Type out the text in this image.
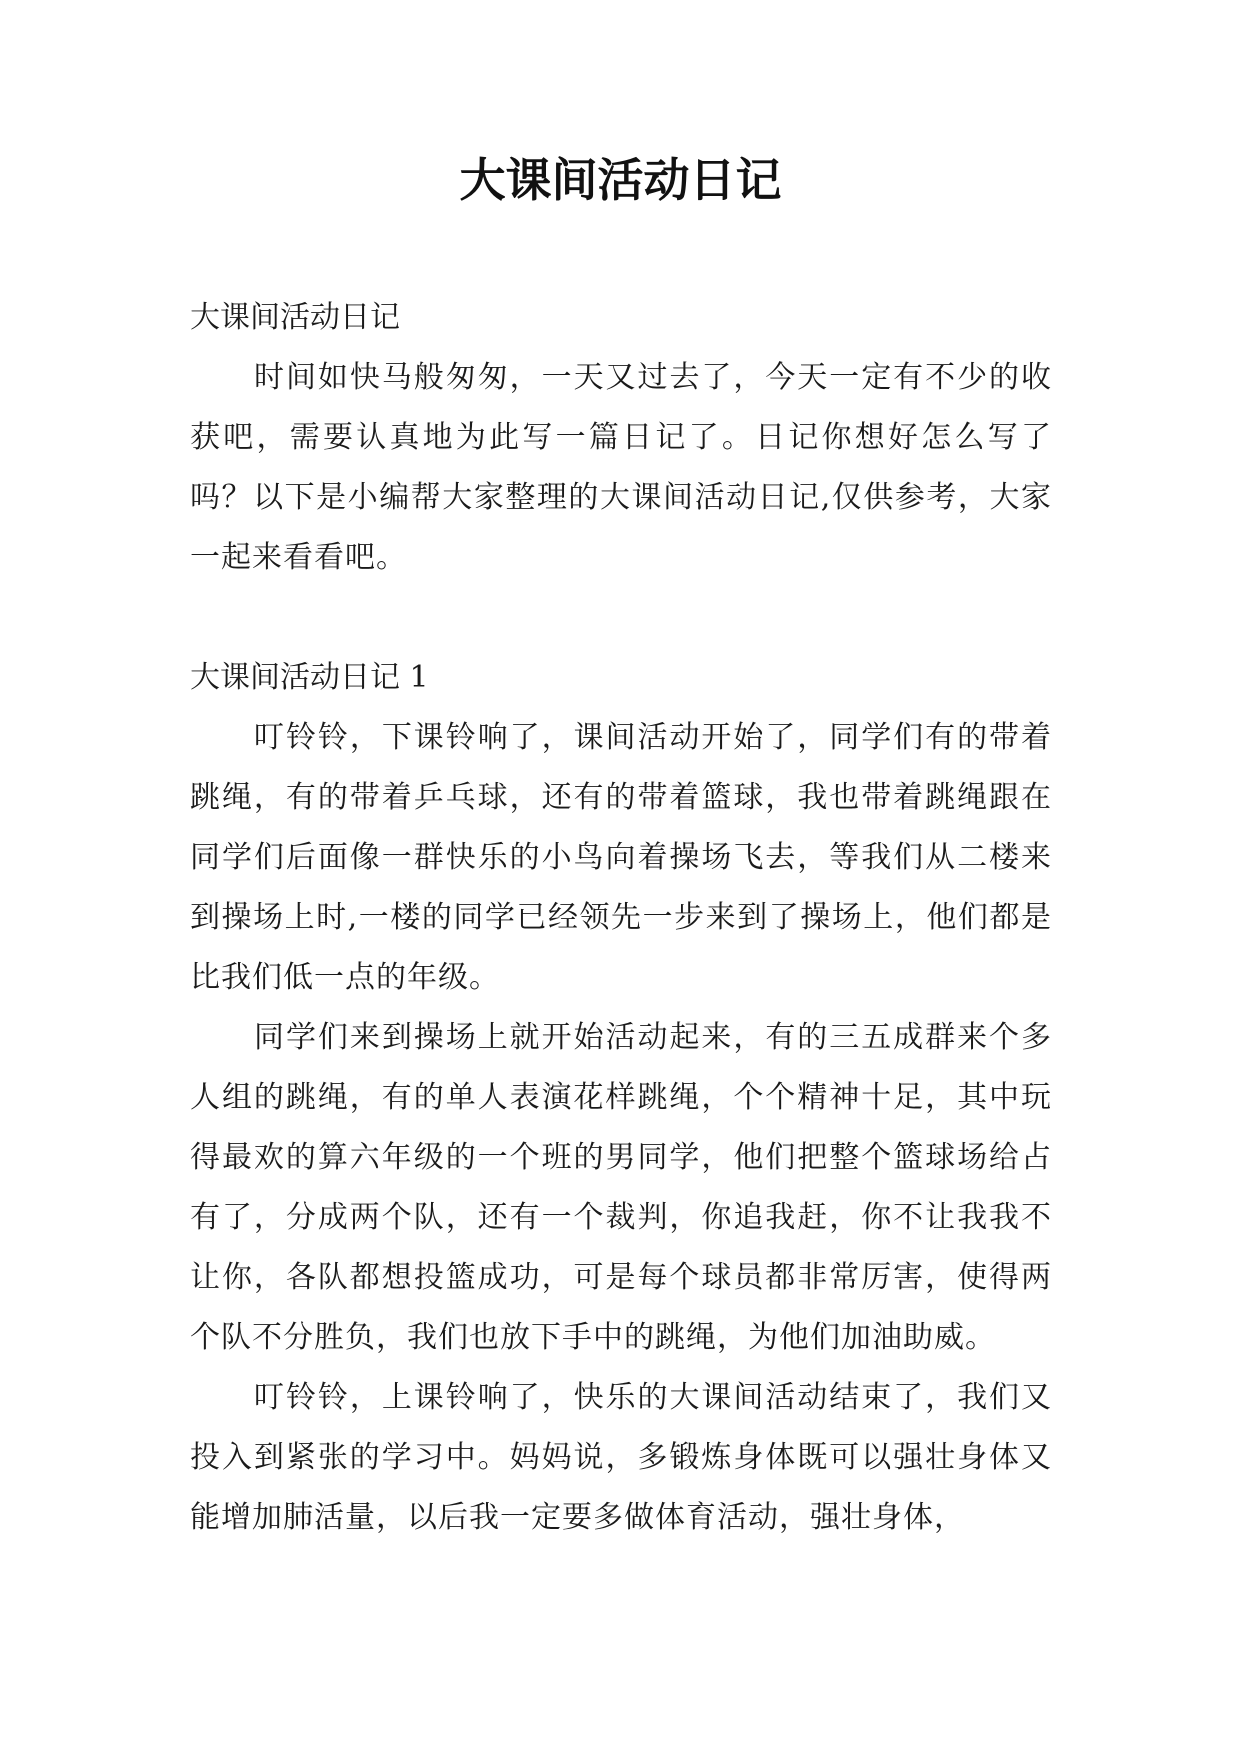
大课间活动日记

大课间活动日记

时间如快马般匆匆，一天又过去了，今天一定有不少的收获吧，需要认真地为此写一篇日记了。日记你想好怎么写了吗？以下是小编帮大家整理的大课间活动日记,仅供参考，大家一起来看看吧。

大课间活动日记 1

叮铃铃，下课铃响了，课间活动开始了，同学们有的带着跳绳，有的带着乒乓球，还有的带着篮球，我也带着跳绳跟在同学们后面像一群快乐的小鸟向着操场飞去，等我们从二楼来到操场上时,一楼的同学已经领先一步来到了操场上，他们都是比我们低一点的年级。

同学们来到操场上就开始活动起来，有的三五成群来个多人组的跳绳，有的单人表演花样跳绳，个个精神十足，其中玩得最欢的算六年级的一个班的男同学，他们把整个篮球场给占有了，分成两个队，还有一个裁判，你追我赶，你不让我我不让你，各队都想投篮成功，可是每个球员都非常厉害，使得两个队不分胜负，我们也放下手中的跳绳，为他们加油助威。

叮铃铃，上课铃响了，快乐的大课间活动结束了，我们又投入到紧张的学习中。妈妈说，多锻炼身体既可以强壮身体又能增加肺活量，以后我一定要多做体育活动，强壮身体，
